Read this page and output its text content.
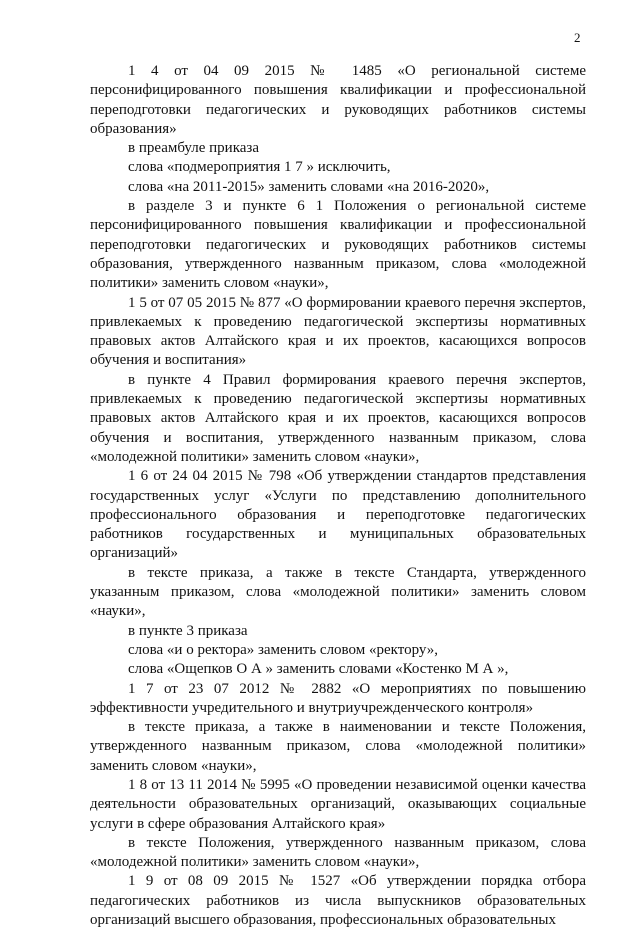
2

1 4 от 04 09 2015 № 1485 «О региональной системе персонифицированного повышения квалификации и профессиональной переподготовки педагогических и руководящих работников системы образования»

в преамбуле приказа

слова «подмероприятия 1 7 » исключить,

слова «на 2011-2015» заменить словами «на 2016-2020»,

в разделе 3 и пункте 6 1 Положения о региональной системе персонифицированного повышения квалификации и профессиональной переподготовки педагогических и руководящих работников системы образования, утвержденного названным приказом, слова «молодежной политики» заменить словом «науки»,

1 5 от 07 05 2015 № 877 «О формировании краевого перечня экспертов, привлекаемых к проведению педагогической экспертизы нормативных правовых актов Алтайского края и их проектов, касающихся вопросов обучения и воспитания»

в пункте 4 Правил формирования краевого перечня экспертов, привлекаемых к проведению педагогической экспертизы нормативных правовых актов Алтайского края и их проектов, касающихся вопросов обучения и воспитания, утвержденного названным приказом, слова «молодежной политики» заменить словом «науки»,

1 6 от 24 04 2015 № 798 «Об утверждении стандартов представления государственных услуг «Услуги по представлению дополнительного профессионального образования и переподготовке педагогических работников государственных и муниципальных образовательных организаций»

в тексте приказа, а также в тексте Стандарта, утвержденного указанным приказом, слова «молодежной политики» заменить словом «науки»,

в пункте 3 приказа

слова «и о ректора» заменить словом «ректору»,

слова «Ощепков О А » заменить словами «Костенко М А »,

1 7 от 23 07 2012 № 2882 «О мероприятиях по повышению эффективности учредительного и внутриучрежденческого контроля»

в тексте приказа, а также в наименовании и тексте Положения, утвержденного названным приказом, слова «молодежной политики» заменить словом «науки»,

1 8 от 13 11 2014 № 5995 «О проведении независимой оценки качества деятельности образовательных организаций, оказывающих социальные услуги в сфере образования Алтайского края»

в тексте Положения, утвержденного названным приказом, слова «молодежной политики» заменить словом «науки»,

1 9 от 08 09 2015 № 1527 «Об утверждении порядка отбора педагогических работников из числа выпускников образовательных организаций высшего образования, профессиональных образовательных
